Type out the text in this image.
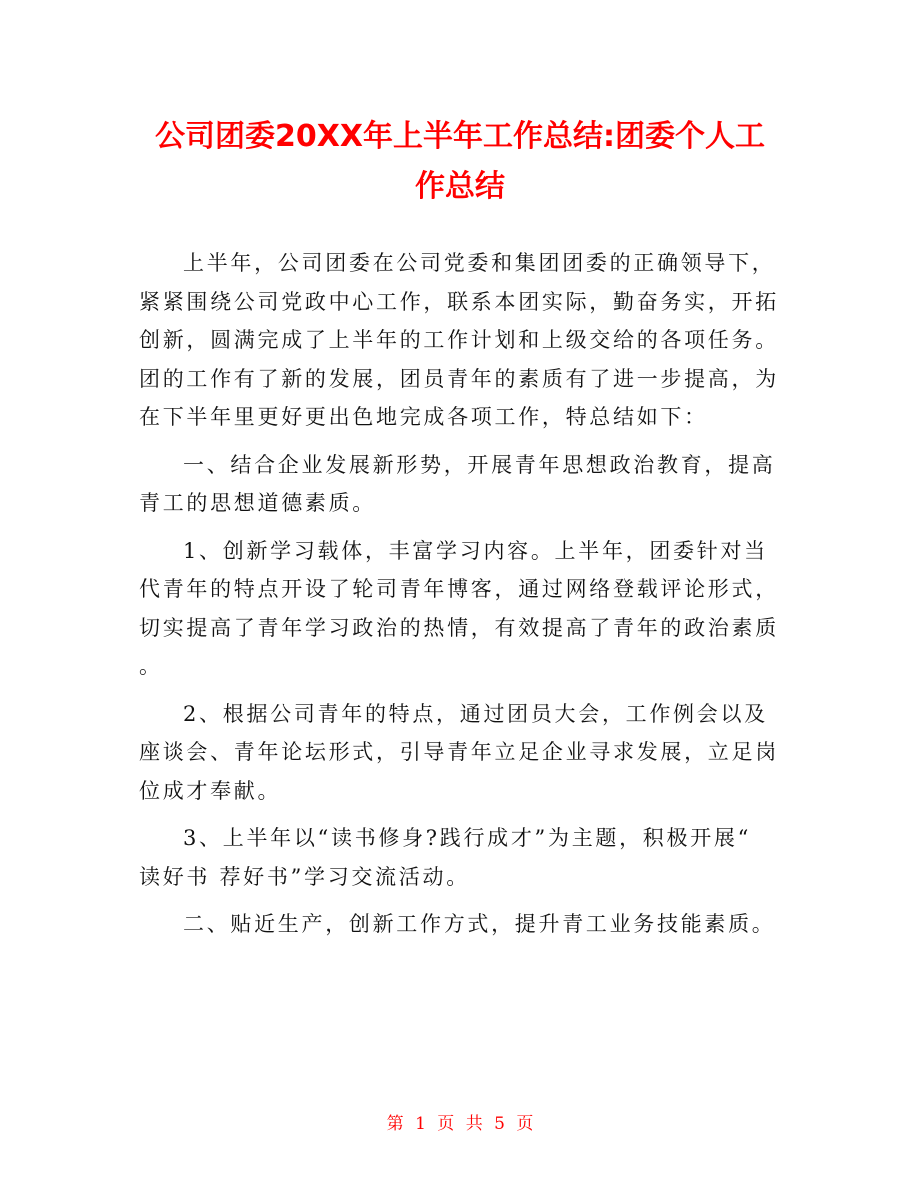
公司团委20XX年上半年工作总结:团委个人工
作总结
上半年，公司团委在公司党委和集团团委的正确领导下，
紧紧围绕公司党政中心工作，联系本团实际，勤奋务实，开拓
创新，圆满完成了上半年的工作计划和上级交给的各项任务。
团的工作有了新的发展，团员青年的素质有了进一步提高，为
在下半年里更好更出色地完成各项工作，特总结如下：
一、结合企业发展新形势，开展青年思想政治教育，提高
青工的思想道德素质。
1、创新学习载体，丰富学习内容。上半年，团委针对当
代青年的特点开设了轮司青年博客，通过网络登载评论形式，
切实提高了青年学习政治的热情，有效提高了青年的政治素质
。
2、根据公司青年的特点，通过团员大会，工作例会以及
座谈会、青年论坛形式，引导青年立足企业寻求发展，立足岗
位成才奉献。
3、上半年以“读书修身?践行成才”为主题，积极开展“
读好书 荐好书”学习交流活动。
二、贴近生产，创新工作方式，提升青工业务技能素质。
第 1 页 共 5 页
